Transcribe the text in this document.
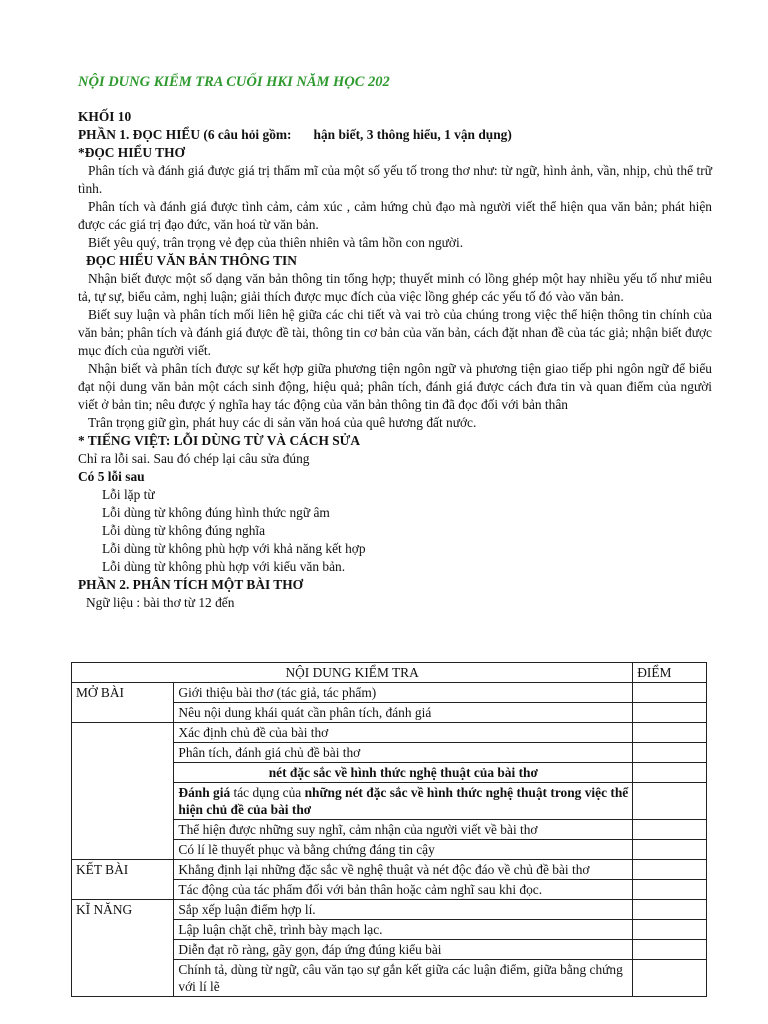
NỘI DUNG KIỂM TRA CUỐI HKI NĂM HỌC 202
KHỐI 10
PHẦN 1. ĐỌC HIỂU (6 câu hỏi gồm: hận biết, 3 thông hiểu, 1 vận dụng)
*ĐỌC HIỂU THƠ

Phân tích và đánh giá được giá trị thẩm mĩ của một số yếu tố trong thơ như: từ ngữ, hình ảnh, vần, nhịp, chủ thể trữ tình.

Phân tích và đánh giá được tình cảm, cảm xúc , cảm hứng chủ đạo mà người viết thể hiện qua văn bản; phát hiện được các giá trị đạo đức, văn hoá từ văn bản.

Biết yêu quý, trân trọng vẻ đẹp của thiên nhiên và tâm hồn con người.

ĐỌC HIỂU VĂN BẢN THÔNG TIN

Nhận biết được một số dạng văn bản thông tin tổng hợp; thuyết minh có lồng ghép một hay nhiều yếu tố như miêu tả, tự sự, biểu cảm, nghị luận; giải thích được mục đích của việc lồng ghép các yếu tố đó vào văn bản.

Biết suy luận và phân tích mối liên hệ giữa các chi tiết và vai trò của chúng trong việc thể hiện thông tin chính của văn bản; phân tích và đánh giá được đề tài, thông tin cơ bản của văn bản, cách đặt nhan đề của tác giả; nhận biết được mục đích của người viết.

Nhận biết và phân tích được sự kết hợp giữa phương tiện ngôn ngữ và phương tiện giao tiếp phi ngôn ngữ để biểu đạt nội dung văn bản một cách sinh động, hiệu quả; phân tích, đánh giá được cách đưa tin và quan điểm của người viết ở bản tin; nêu được ý nghĩa hay tác động của văn bản thông tin đã đọc đối với bản thân

Trân trọng giữ gìn, phát huy các di sản văn hoá của quê hương đất nước.

* TIẾNG VIỆT: LỖI DÙNG TỪ VÀ CÁCH SỬA
Chỉ ra lỗi sai. Sau đó chép lại câu sửa đúng
Có 5 lỗi sau
Lỗi lặp từ
Lỗi dùng từ không đúng hình thức ngữ âm
Lỗi dùng từ không đúng nghĩa
Lỗi dùng từ không phù hợp với khả năng kết hợp
Lỗi dùng từ không phù hợp với kiểu văn bản.
PHẦN 2. PHÂN TÍCH MỘT BÀI THƠ
Ngữ liệu : bài thơ từ 12 đến
NỘI DUNG KIỂM TRA		ĐIỂM
MỞ BÀI	Giới thiệu bài thơ (tác giả, tác phẩm)	
	Nêu nội dung khái quát cần phân tích, đánh giá	
	Xác định chủ đề của bài thơ	
	Phân tích, đánh giá chủ đề bài thơ	
	nét đặc sắc về hình thức nghệ thuật của bài thơ	
	Đánh giá tác dụng của những nét đặc sắc về hình thức nghệ thuật trong việc thể hiện chủ đề của bài thơ	
	Thể hiện được những suy nghĩ, cảm nhận của người viết về bài thơ	
	Có lí lẽ thuyết phục và bằng chứng đáng tin cậy	
KẾT BÀI	Khẳng định lại những đặc sắc về nghệ thuật và nét độc đáo về chủ đề bài thơ	
	Tác động của tác phẩm đối với bản thân hoặc cảm nghĩ sau khi đọc.	
KĨ NĂNG	Sắp xếp luận điểm hợp lí.	
	Lập luận chặt chẽ, trình bày mạch lạc.	
	Diễn đạt rõ ràng, gãy gọn, đáp ứng đúng kiểu bài	
	Chính tả, dùng từ ngữ, câu văn tạo sự gắn kết giữa các luận điểm, giữa bằng chứng với lí lẽ	
